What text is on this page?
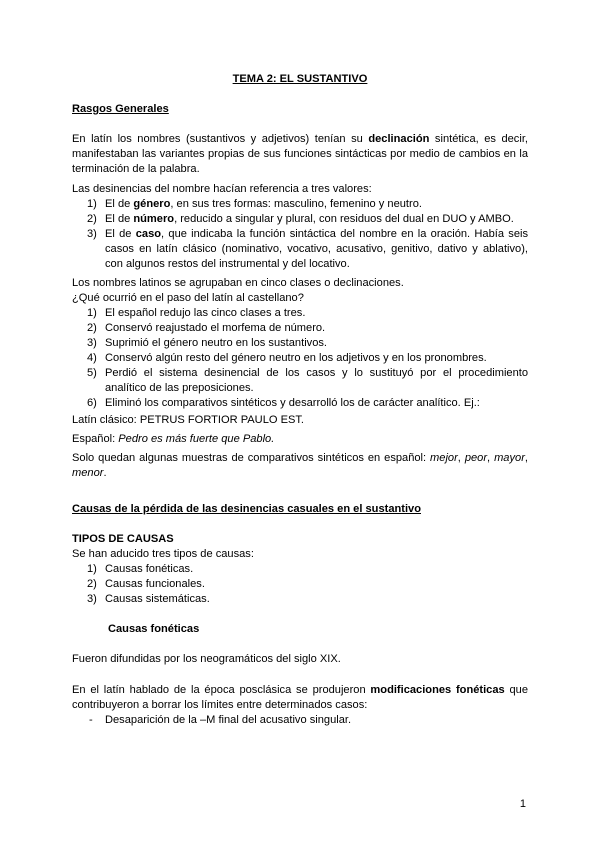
TEMA 2: EL SUSTANTIVO

Rasgos Generales

En latín los nombres (sustantivos y adjetivos) tenían su declinación sintética, es decir, manifestaban las variantes propias de sus funciones sintácticas por medio de cambios en la terminación de la palabra.

Las desinencias del nombre hacían referencia a tres valores:

1) El de género, en sus tres formas: masculino, femenino y neutro.
2) El de número, reducido a singular y plural, con residuos del dual en DUO y AMBO.
3) El de caso, que indicaba la función sintáctica del nombre en la oración. Había seis casos en latín clásico (nominativo, vocativo, acusativo, genitivo, dativo y ablativo), con algunos restos del instrumental y del locativo.

Los nombres latinos se agrupaban en cinco clases o declinaciones.

¿Qué ocurrió en el paso del latín al castellano?

1) El español redujo las cinco clases a tres.
2) Conservó reajustado el morfema de número.
3) Suprimió el género neutro en los sustantivos.
4) Conservó algún resto del género neutro en los adjetivos y en los pronombres.
5) Perdió el sistema desinencial de los casos y lo sustituyó por el procedimiento analítico de las preposiciones.
6) Eliminó los comparativos sintéticos y desarrolló los de carácter analítico. Ej.:

Latín clásico: PETRUS FORTIOR PAULO EST.

Español: Pedro es más fuerte que Pablo.

Solo quedan algunas muestras de comparativos sintéticos en español: mejor, peor, mayor, menor.

Causas de la pérdida de las desinencias casuales en el sustantivo

TIPOS DE CAUSAS

Se han aducido tres tipos de causas:

1) Causas fonéticas.
2) Causas funcionales.
3) Causas sistemáticas.

Causas fonéticas

Fueron difundidas por los neogramáticos del siglo XIX.

En el latín hablado de la época posclásica se produjeron modificaciones fonéticas que contribuyeron a borrar los límites entre determinados casos:

- Desaparición de la –M final del acusativo singular.
1
